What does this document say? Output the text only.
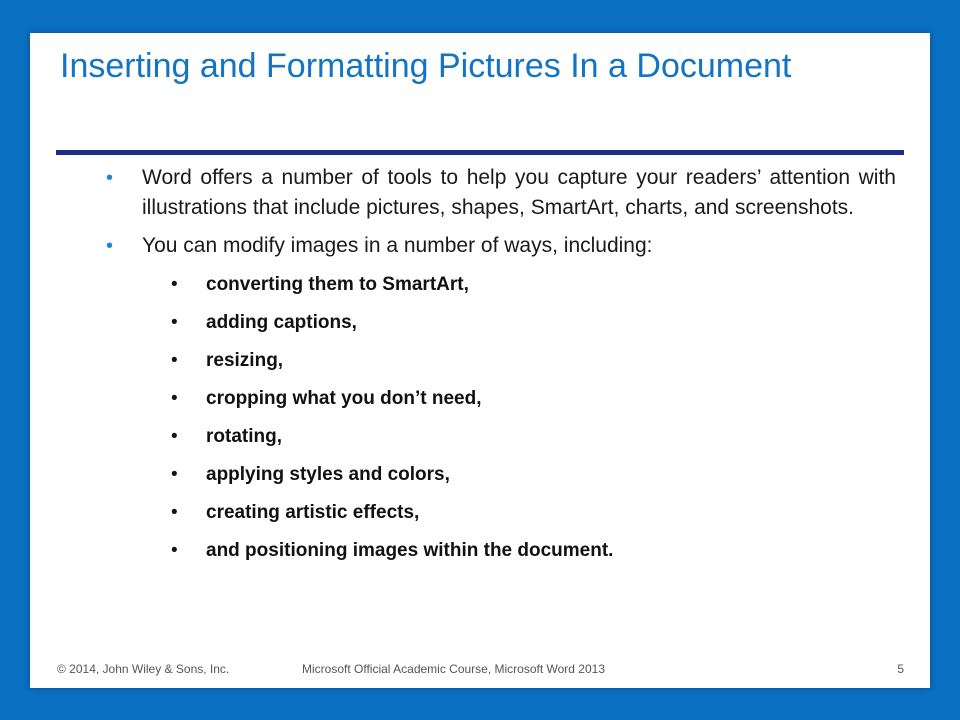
Inserting and Formatting Pictures In a Document
• Word offers a number of tools to help you capture your readers’ attention with illustrations that include pictures, shapes, SmartArt, charts, and screenshots.
• You can modify images in a number of ways, including:
• converting them to SmartArt,
• adding captions,
• resizing,
• cropping what you don’t need,
• rotating,
• applying styles and colors,
• creating artistic effects,
• and positioning images within the document.
© 2014, John Wiley & Sons, Inc.	Microsoft Official Academic Course, Microsoft Word 2013	5
